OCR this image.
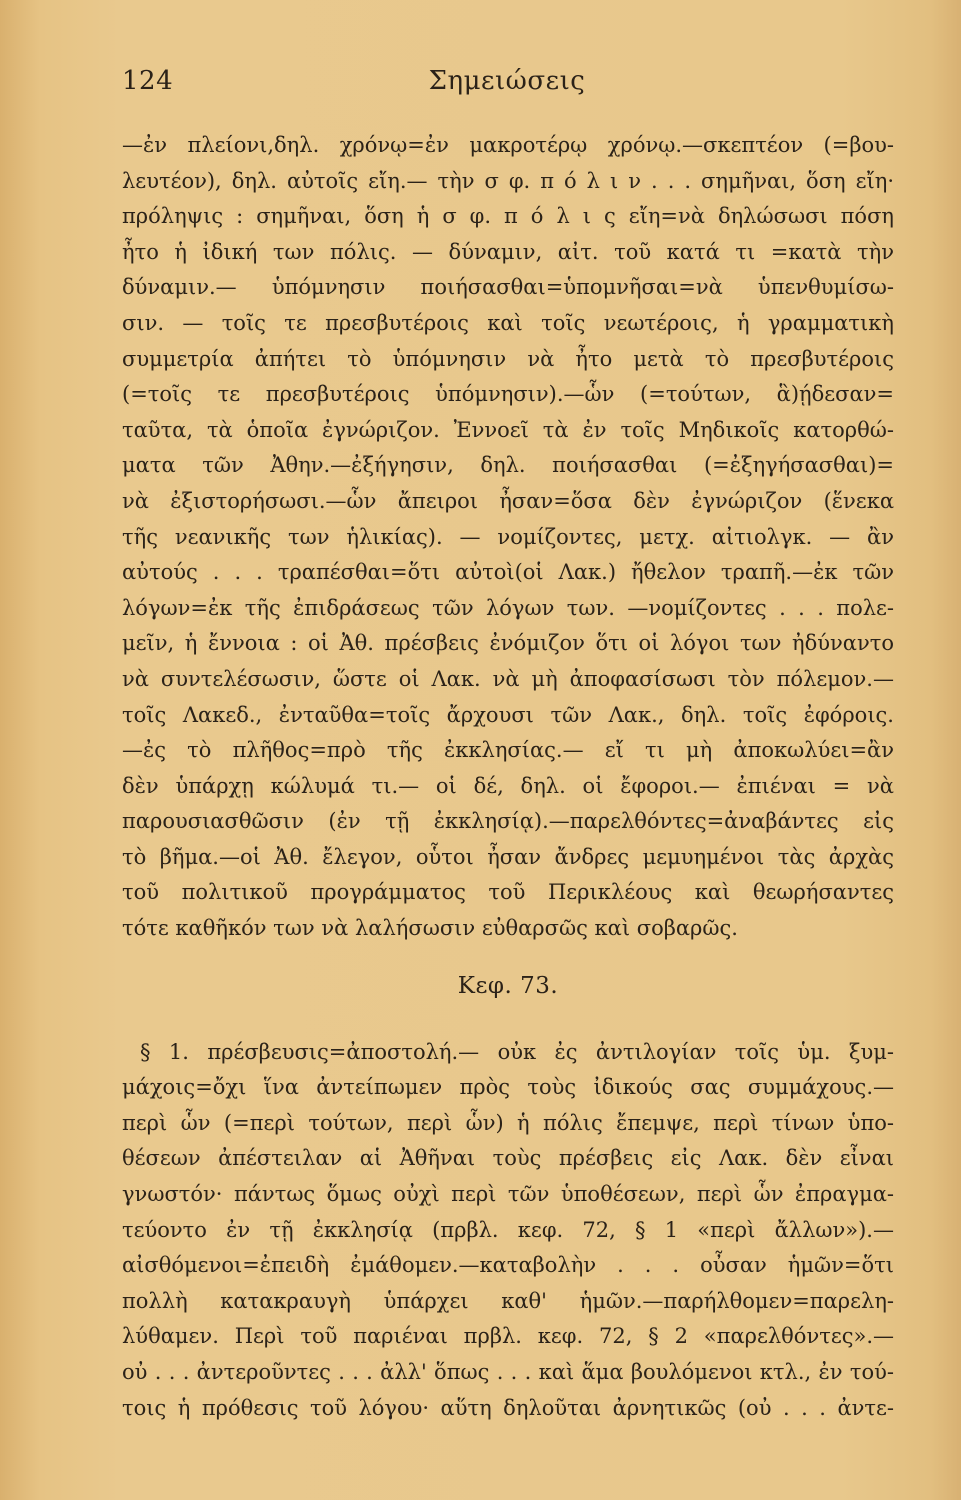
124	Σημειώσεις
—ἐν πλείονι,δηλ. χρόνῳ=ἐν μακροτέρῳ χρόνῳ.—σκεπτέον (=βου-
λευτέον), δηλ. αὐτοῖς εἴη.— τὴν σ φ. π ό λ ι ν . . . σημῆναι, ὅση εἴη·
πρόληψις : σημῆναι, ὅση ἡ σ φ. π ό λ ι ς εἴη=νὰ δηλώσωσι πόση
ἦτο ἡ ἰδική των πόλις. — δύναμιν, αἰτ. τοῦ κατά τι =κατὰ τὴν
δύναμιν.— ὑπόμνησιν ποιήσασθαι=ὑπομνῆσαι=νὰ ὑπενθυμίσω-
σιν. — τοῖς τε πρεσβυτέροις καὶ τοῖς νεωτέροις, ἡ γραμματικὴ
συμμετρία ἀπήτει τὸ ὑπόμνησιν νὰ ἦτο μετὰ τὸ πρεσβυτέροις
(=τοῖς τε πρεσβυτέροις ὑπόμνησιν).—ὧν (=τούτων, ἃ)ῄδεσαν=
ταῦτα, τὰ ὁποῖα ἐγνώριζον. Ἐννοεῖ τὰ ἐν τοῖς Μηδικοῖς κατορθώ-
ματα τῶν Ἀθην.—ἐξήγησιν, δηλ. ποιήσασθαι (=ἐξηγήσασθαι)=
νὰ ἐξιστορήσωσι.—ὧν ἄπειροι ἦσαν=ὅσα δὲν ἐγνώριζον (ἕνεκα
τῆς νεανικῆς των ἡλικίας). — νομίζοντες, μετχ. αἰτιολγκ. — ἂν
αὐτούς . . . τραπέσθαι=ὅτι αὐτοὶ(οἱ Λακ.) ἤθελον τραπῆ.—ἐκ τῶν
λόγων=ἐκ τῆς ἐπιδράσεως τῶν λόγων των. —νομίζοντες . . . πολε-
μεῖν, ἡ ἔννοια : οἱ Ἀθ. πρέσβεις ἐνόμιζον ὅτι οἱ λόγοι των ἠδύναντο
νὰ συντελέσωσιν, ὥστε οἱ Λακ. νὰ μὴ ἀποφασίσωσι τὸν πόλεμον.—
τοῖς Λακεδ., ἐνταῦθα=τοῖς ἄρχουσι τῶν Λακ., δηλ. τοῖς ἐφόροις.
—ἐς τὸ πλῆθος=πρὸ τῆς ἐκκλησίας.— εἴ τι μὴ ἀποκωλύει=ἂν
δὲν ὑπάρχῃ κώλυμά τι.— οἱ δέ, δηλ. οἱ ἔφοροι.— ἐπιέναι = νὰ
παρουσιασθῶσιν (ἐν τῇ ἐκκλησίᾳ).—παρελθόντες=ἀναβάντες εἰς
τὸ βῆμα.—οἱ Ἀθ. ἔλεγον, οὗτοι ἦσαν ἄνδρες μεμυημένοι τὰς ἀρχὰς
τοῦ πολιτικοῦ προγράμματος τοῦ Περικλέους καὶ θεωρήσαντες
τότε καθῆκόν των νὰ λαλήσωσιν εὐθαρσῶς καὶ σοβαρῶς.
Κεφ. 73.
§ 1. πρέσβευσις=ἀποστολή.— οὐκ ἐς ἀντιλογίαν τοῖς ὑμ. ξυμ-
μάχοις=ὄχι ἵνα ἀντείπωμεν πρὸς τοὺς ἰδικούς σας συμμάχους.—
περὶ ὧν (=περὶ τούτων, περὶ ὧν) ἡ πόλις ἔπεμψε, περὶ τίνων ὑπο-
θέσεων ἀπέστειλαν αἱ Ἀθῆναι τοὺς πρέσβεις εἰς Λακ. δὲν εἶναι
γνωστόν· πάντως ὅμως οὐχὶ περὶ τῶν ὑποθέσεων, περὶ ὧν ἐπραγμα-
τεύοντο ἐν τῇ ἐκκλησίᾳ (πρβλ. κεφ. 72, § 1 «περὶ ἄλλων»).—
αἰσθόμενοι=ἐπειδὴ ἐμάθομεν.—καταβολὴν . . . οὖσαν ἡμῶν=ὅτι
πολλὴ κατακραυγὴ ὑπάρχει καθ' ἡμῶν.—παρήλθομεν=παρελη-
λύθαμεν. Περὶ τοῦ παριέναι πρβλ. κεφ. 72, § 2 «παρελθόντες».—
οὐ . . . ἀντεροῦντες . . . ἀλλ' ὅπως . . . καὶ ἅμα βουλόμενοι κτλ., ἐν τού-
τοις ἡ πρόθεσις τοῦ λόγου· αὕτη δηλοῦται ἀρνητικῶς (οὐ . . . ἀντε-
